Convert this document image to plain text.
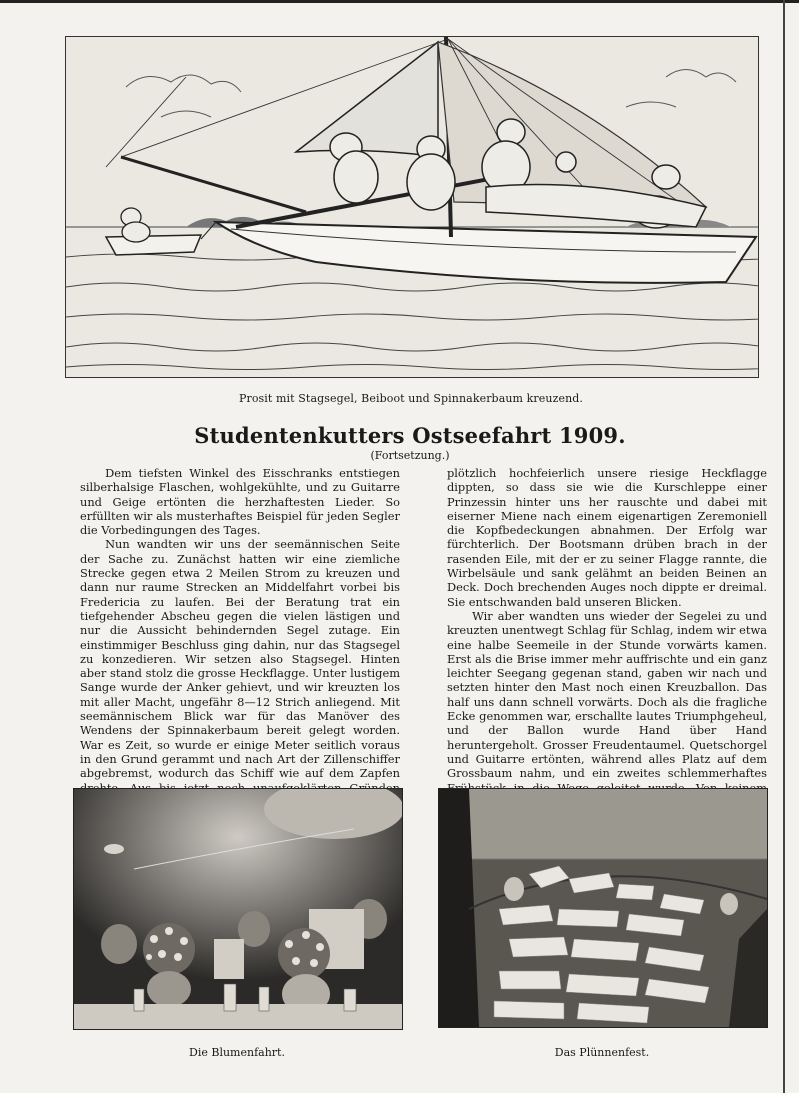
Prosit mit Stagsegel, Beiboot und Spinnakerbaum kreuzend.
Studentenkutters Ostseefahrt 1909.
(Fortsetzung.)

Dem tiefsten Winkel des Eisschranks entstiegen silberhalsige Flaschen, wohlgekühlte, und zu Guitarre und Geige ertönten die herzhaftesten Lieder. So erfüllten wir als musterhaftes Beispiel für jeden Segler die Vorbedingungen des Tages.

Nun wandten wir uns der seemännischen Seite der Sache zu. Zunächst hatten wir eine ziemliche Strecke gegen etwa 2 Meilen Strom zu kreuzen und dann nur raume Strecken an Middelfahrt vorbei bis Fredericia zu laufen. Bei der Beratung trat ein tiefgehender Abscheu gegen die vielen lästigen und nur die Aussicht behindernden Segel zutage. Ein einstimmiger Beschluss ging dahin, nur das Stagsegel zu konzedieren. Wir setzen also Stagsegel. Hinten aber stand stolz die grosse Heckflagge. Unter lustigem Sange wurde der Anker gehievt, und wir kreuzten los mit aller Macht, ungefähr 8—12 Strich anliegend. Mit seemännischem Blick war für das Manöver des Wendens der Spinnakerbaum bereit gelegt worden. War es Zeit, so wurde er einige Meter seitlich voraus in den Grund gerammt und nach Art der Zillenschiffer abgebremst, wodurch das Schiff wie auf dem Zapfen

plötzlich hochfeierlich unsere riesige Heckflagge dippten, so dass sie wie die Kurschleppe einer Prinzessin hinter uns her rauschte und dabei mit eiserner Miene nach einem eigenartigen Zeremoniell die Kopfbedeckungen abnahmen. Der Erfolg war fürchterlich. Der Bootsmann drüben brach in der rasenden Eile, mit der er zu seiner Flagge rannte, die Wirbelsäule und sank gelähmt an beiden Beinen an Deck. Doch brechenden Auges noch dippte er dreimal. Sie entschwanden bald unseren Blicken.

Wir aber wandten uns wieder der Segelei zu und kreuzten unentwegt Schlag für Schlag, indem wir etwa eine halbe Seemeile in der Stunde vorwärts kamen. Erst als die Brise immer mehr auffrischte und ein ganz leichter Seegang gegenan stand, gaben wir nach und setzten hinter den Mast noch einen Kreuzballon. Das half uns dann schnell vorwärts. Doch als die fragliche Ecke genommen war, erschallte lautes Triumphgeheul, und der Ballon wurde Hand über Hand heruntergeholt. Grosser Freudentaumel. Quetschorgel und Guitarre ertönten, während alles Platz auf dem Grossbaum nahm, und ein zweites schlemmerhaftes

Die Blumenfahrt.	Das Plünnenfest.
